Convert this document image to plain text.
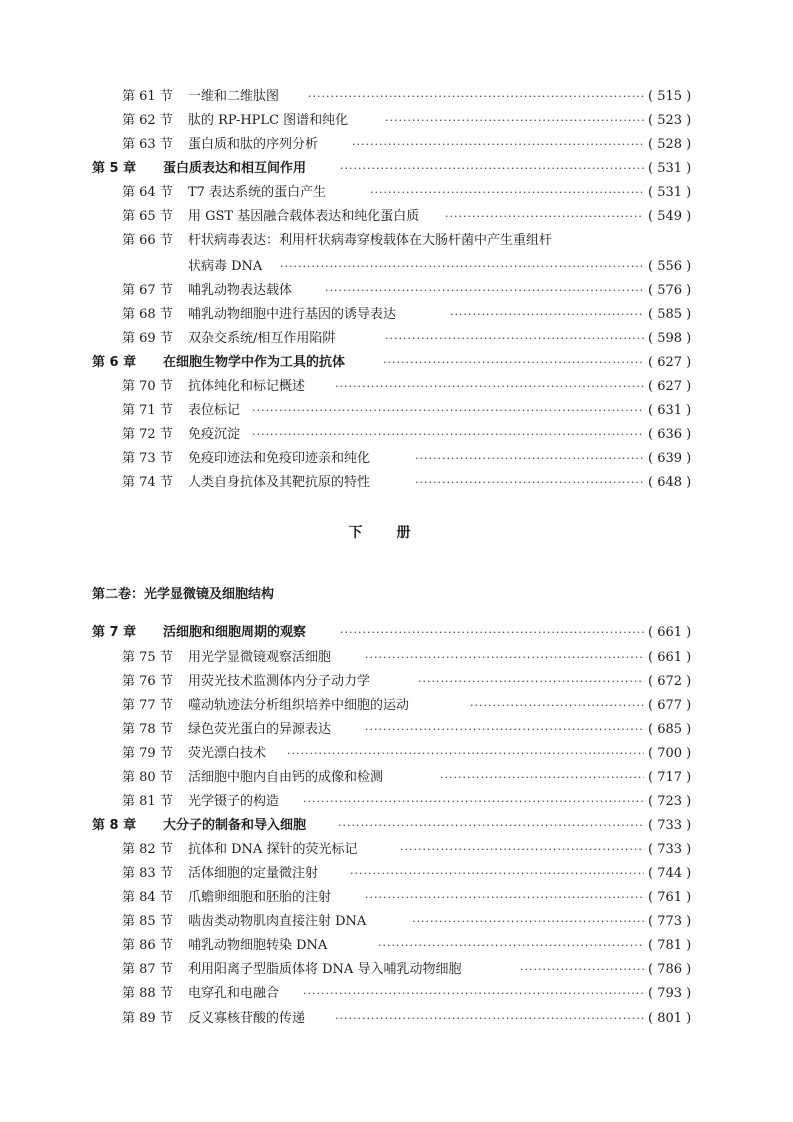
第 61 节 一维和二维肽图 ·····	( 515 )
第 62 节 肽的 RP-HPLC 图谱和纯化 ·····	( 523 )
第 63 节 蛋白质和肽的序列分析 ·····	( 528 )
第 5 章 蛋白质表达和相互间作用 ·····	( 531 )
第 64 节 T7 表达系统的蛋白产生 ·····	( 531 )
第 65 节 用 GST 基因融合载体表达和纯化蛋白质 ·····	( 549 )
第 66 节 杆状病毒表达：利用杆状病毒穿梭载体在大肠杆菌中产生重组杆
状病毒 DNA ·····	( 556 )
第 67 节 哺乳动物表达载体 ·····	( 576 )
第 68 节 哺乳动物细胞中进行基因的诱导表达 ·····	( 585 )
第 69 节 双杂交系统/相互作用陷阱 ·····	( 598 )
第 6 章 在细胞生物学中作为工具的抗体 ·····	( 627 )
第 70 节 抗体纯化和标记概述 ·····	( 627 )
第 71 节 表位标记 ·····	( 631 )
第 72 节 免疫沉淀 ·····	( 636 )
第 73 节 免疫印迹法和免疫印迹亲和纯化 ·····	( 639 )
第 74 节 人类自身抗体及其靶抗原的特性 ·····	( 648 )
下册
第二卷：光学显微镜及细胞结构
第 7 章 活细胞和细胞周期的观察 ·····	( 661 )
第 75 节 用光学显微镜观察活细胞 ·····	( 661 )
第 76 节 用荧光技术监测体内分子动力学 ·····	( 672 )
第 77 节 噬动轨迹法分析组织培养中细胞的运动 ·····	( 677 )
第 78 节 绿色荧光蛋白的异源表达 ·····	( 685 )
第 79 节 荧光漂白技术 ·····	( 700 )
第 80 节 活细胞中胞内自由钙的成像和检测 ·····	( 717 )
第 81 节 光学镊子的构造 ·····	( 723 )
第 8 章 大分子的制备和导入细胞 ·····	( 733 )
第 82 节 抗体和 DNA 探针的荧光标记 ·····	( 733 )
第 83 节 活体细胞的定量微注射 ·····	( 744 )
第 84 节 爪蟾卵细胞和胚胎的注射 ·····	( 761 )
第 85 节 啮齿类动物肌肉直接注射 DNA ·····	( 773 )
第 86 节 哺乳动物细胞转染 DNA ·····	( 781 )
第 87 节 利用阳离子型脂质体将 DNA 导入哺乳动物细胞 ·····	( 786 )
第 88 节 电穿孔和电融合 ·····	( 793 )
第 89 节 反义寡核苷酸的传递 ·····	( 801 )
